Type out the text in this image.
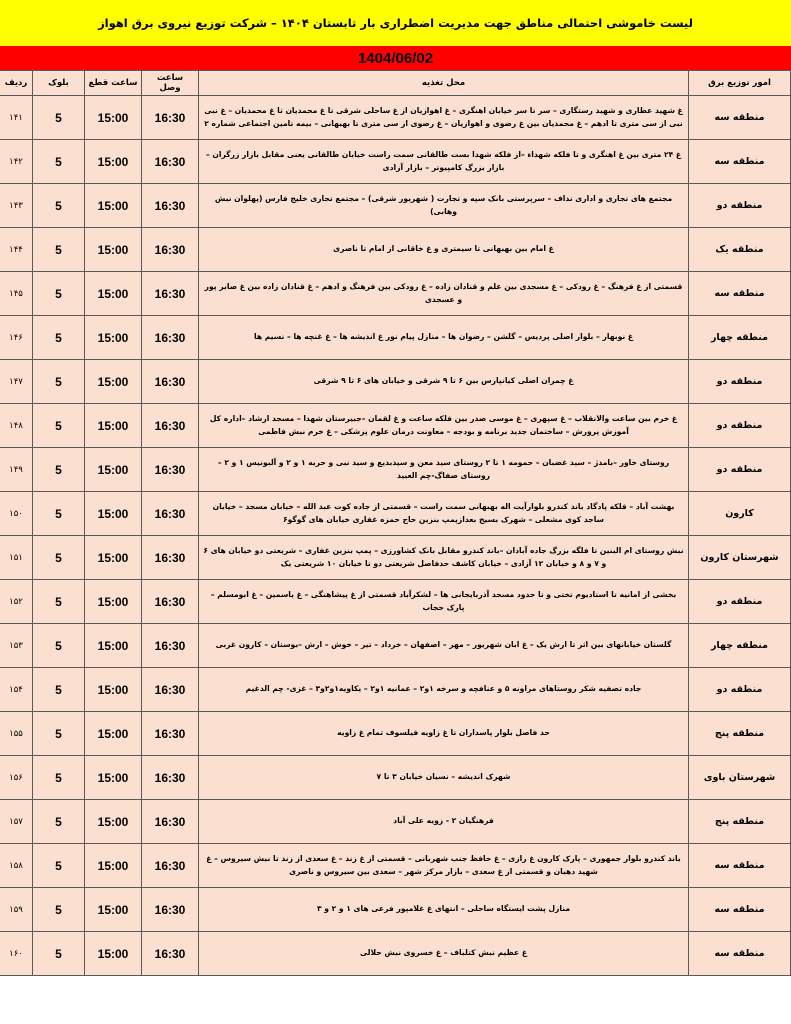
لیست خاموشی احتمالی مناطق جهت مدیریت اضطراری بار تابستان ۱۴۰۴ – شرکت توزیع نیروی برق اهواز
1404/06/02
امور توزیع برق	محل تغذیه	ساعت وصل	ساعت قطع	بلوک	ردیف
منطقه سه	غ شهید عطاری و شهید رستگاری – سر تا سر خیابان اهنگری – غ اهوازیان از غ ساحلی شرقی تا غ محمدیان تا غ محمدیان – غ نبی نبی از سی متری تا ادهم – غ محمدیان بین غ رضوی و اهوازیان – غ رضوی از سی متری تا بهبهانی – بیمه تامین اجتماعی شماره ۲	16:30	15:00	5	۱۴۱
منطقه سه	غ ۲۴ متری بین غ اهنگری و تا فلکه شهداء –از فلکه شهدا بست طالقانی سمت راست خیابان طالقانی یعنی مقابل بازار زرگران – بازار بزرگ کامپیوتر – بازار آزادی	16:30	15:00	5	۱۴۲
منطقه دو	مجتمع های تجاری و اداری نداف – سرپرستی بانک سپه و تجارت ( شهریور شرقی) – مجتمع تجاری خلیج فارس (پهلوان نبش وهابی)	16:30	15:00	5	۱۴۳
منطقه یک	غ امام بین بهبهانی تا سیمتری و غ خاقانی از امام تا ناصری	16:30	15:00	5	۱۴۴
منطقه سه	قسمتی از غ فرهنگ – غ رودکی – غ مسجدی بین علم و قنادان زاده – غ رودکی بین فرهنگ و ادهم – غ قنادان زاده بین غ صابر پور و عسجدی	16:30	15:00	5	۱۴۵
منطقه چهار	غ نوبهار – بلوار اصلی پردیس – گلشن – رضوان ها – منازل پیام نور غ اندیشه ها – غ غنچه ها – نسیم ها	16:30	15:00	5	۱۴۶
منطقه دو	غ چمران اصلی کیانپارس بین ۶ تا ۹ شرقی و خیابان های ۶ تا ۹ شرقی	16:30	15:00	5	۱۴۷
منطقه دو	غ خرم بین ساعت والانقلاب – غ سپهری – غ موسی صدر بین فلکه ساعت و غ لقمان –جبیرستان شهدا – مسجد ارشاد –اداره کل آموزش پرورش – ساختمان جدید برنامه و بودجه – معاونت درمان علوم پزشکی – غ خرم نبش فاطمی	16:30	15:00	5	۱۴۸
منطقه دو	روستای خاور –بامدژ – سید غضبان – حمومه ۱ تا ۲ روستای سید معن و سیدبدیع و سید نبی و حربه ۱ و ۲ و آلبونیس ۱ و ۲ – روستای صفاگ-چم العبید	16:30	15:00	5	۱۴۹
کارون	بهشت آباد – فلکه پادگاد باند کندرو بلوارآیت اله بهبهانی سمت راست – قسمتی از جاده کوت عبد الله – خیابان مسجد – خیابان ساجد کوی مشعلی – شهرک بسیج بعدازپمپ بنزین حاج حمزه غفاری خیابان های گوگو۶	16:30	15:00	5	۱۵۰
شهرستان کارون	نبش روستای ام البنین تا فلگه بزرگ جاده آبادان –باند کندرو مقابل بانک کشاورزی – پمپ بنزین غفاری – شریعتی دو خیابان های ۶ و ۷ و ۸ و خیابان ۱۲ آزادی – خیابان کاشف حدفاصل شریعتی دو تا خیابان ۱۰ شریعتی یک	16:30	15:00	5	۱۵۱
منطقه دو	بخشی از امانیه تا استادیوم تختی و تا حدود مسجد آذربایجانی ها – لشکرآباد قسمتی از غ پیشاهنگی – غ یاسمین – غ ابومسلم – پارک حجاب	16:30	15:00	5	۱۵۲
منطقه چهار	گلستان خیابانهای بین اثر تا ارش یک – غ ابان شهریور – مهر – اصفهان – خرداد – تیر – خوش – ارش –بوستان – کارون غربی	16:30	15:00	5	۱۵۳
منطقه دو	جاده تصفیه شکر روستاهای مراونه ۵ و عنافچه و سرخه ۱و۲ – عمانیه ۱و۲ – یکاویه۱و۲و۳ – غزی- چم الدغیم	16:30	15:00	5	۱۵۴
منطقه پنج	حد فاصل بلوار پاسداران تا غ زاویه فیلسوف تمام غ زاویه	16:30	15:00	5	۱۵۵
شهرستان باوی	شهرک اندیشه – نسیان خیابان ۳ تا ۷	16:30	15:00	5	۱۵۶
منطقه پنج	فرهنگیان ۲ - زویه علی آباد	16:30	15:00	5	۱۵۷
منطقه سه	باند کندرو بلوار جمهوری – پارک کارون غ رازی – غ حافظ جنب شهربانی – قسمتی از غ زند – غ سعدی از زند تا نبش سیروس – غ شهید دهبان و قسمتی از غ سعدی – بازار مرکز شهر – سعدی بین سیروس و ناصری	16:30	15:00	5	۱۵۸
منطقه سه	منازل پشت ایستگاه ساحلی – انتهای غ غلامپور فرعی های ۱ و ۲ و ۳	16:30	15:00	5	۱۵۹
منطقه سه	غ عظیم نبش کتلباف – غ خسروی نبش حلالی	16:30	15:00	5	۱۶۰
